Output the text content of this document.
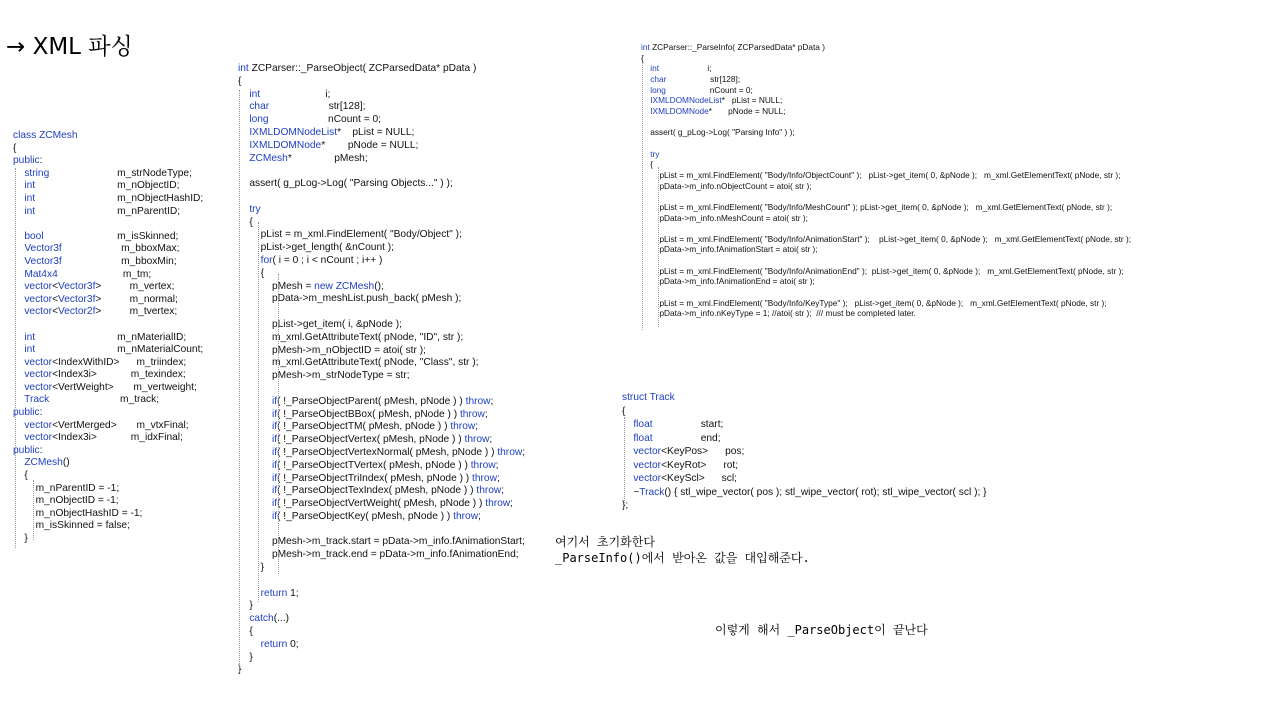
→ XML 파싱
class ZCMesh
{
public:
string                        m_strNodeType;
int                             m_nObjectID;
int                             m_nObjectHashID;
int                             m_nParentID;

bool                          m_isSkinned;
Vector3f                     m_bboxMax;
Vector3f                     m_bboxMin;
Mat4x4                       m_tm;
vector<Vector3f>          m_vertex;
vector<Vector3f>          m_normal;
vector<Vector2f>          m_tvertex;

int                             m_nMaterialID;
int                             m_nMaterialCount;
vector<IndexWithID>      m_triindex;
vector<Index3i>            m_texindex;
vector<VertWeight>       m_vertweight;
Track                         m_track;
public:
vector<VertMerged>       m_vtxFinal;
vector<Index3i>            m_idxFinal;
public:
ZCMesh()
{
m_nParentID = -1;
m_nObjectID = -1;
m_nObjectHashID = -1;
m_isSkinned = false;
}
int ZCParser::_ParseObject( ZCParsedData* pData )
{
int                       i;
char                     str[128];
long                     nCount = 0;
IXMLDOMNodeList*    pList = NULL;
IXMLDOMNode*        pNode = NULL;
ZCMesh*               pMesh;

assert( g_pLog->Log( "Parsing Objects..." ) );

try
{
pList = m_xml.FindElement( "Body/Object" );
pList->get_length( &nCount );
for( i = 0 ; i < nCount ; i++ )
{
pMesh = new ZCMesh();
pData->m_meshList.push_back( pMesh );

pList->get_item( i, &pNode );
m_xml.GetAttributeText( pNode, "ID", str );
pMesh->m_nObjectID = atoi( str );
m_xml.GetAttributeText( pNode, "Class", str );
pMesh->m_strNodeType = str;

if( !_ParseObjectParent( pMesh, pNode ) ) throw;
if( !_ParseObjectBBox( pMesh, pNode ) ) throw;
if( !_ParseObjectTM( pMesh, pNode ) ) throw;
if( !_ParseObjectVertex( pMesh, pNode ) ) throw;
if( !_ParseObjectVertexNormal( pMesh, pNode ) ) throw;
if( !_ParseObjectTVertex( pMesh, pNode ) ) throw;
if( !_ParseObjectTriIndex( pMesh, pNode ) ) throw;
if( !_ParseObjectTexIndex( pMesh, pNode ) ) throw;
if( !_ParseObjectVertWeight( pMesh, pNode ) ) throw;
if( !_ParseObjectKey( pMesh, pNode ) ) throw;

pMesh->m_track.start = pData->m_info.fAnimationStart;
pMesh->m_track.end = pData->m_info.fAnimationEnd;
}

return 1;
}
catch(...)
{
return 0;
}
}
int ZCParser::_ParseInfo( ZCParsedData* pData )
{
int                     i;
char                   str[128];
long                   nCount = 0;
IXMLDOMNodeList*   pList = NULL;
IXMLDOMNode*       pNode = NULL;

assert( g_pLog->Log( "Parsing Info" ) );

try
{
pList = m_xml.FindElement( "Body/Info/ObjectCount" );   pList->get_item( 0, &pNode );   m_xml.GetElementText( pNode, str );
pData->m_info.nObjectCount = atoi( str );

pList = m_xml.FindElement( "Body/Info/MeshCount" ); pList->get_item( 0, &pNode );   m_xml.GetElementText( pNode, str );
pData->m_info.nMeshCount = atoi( str );

pList = m_xml.FindElement( "Body/Info/AnimationStart" );    pList->get_item( 0, &pNode );   m_xml.GetElementText( pNode, str );
pData->m_info.fAnimationStart = atoi( str );

pList = m_xml.FindElement( "Body/Info/AnimationEnd" );  pList->get_item( 0, &pNode );   m_xml.GetElementText( pNode, str );
pData->m_info.fAnimationEnd = atoi( str );

pList = m_xml.FindElement( "Body/Info/KeyType" );   pList->get_item( 0, &pNode );   m_xml.GetElementText( pNode, str );
pData->m_info.nKeyType = 1; //atoi( str );  /// must be completed later.
struct Track
{
float                 start;
float                 end;
vector<KeyPos>      pos;
vector<KeyRot>      rot;
vector<KeyScl>      scl;
~Track() { stl_wipe_vector( pos ); stl_wipe_vector( rot); stl_wipe_vector( scl ); }
};
여기서 초기화한다
_ParseInfo()에서 받아온 값을 대입해준다.
이렇게 해서 _ParseObject이 끝난다
